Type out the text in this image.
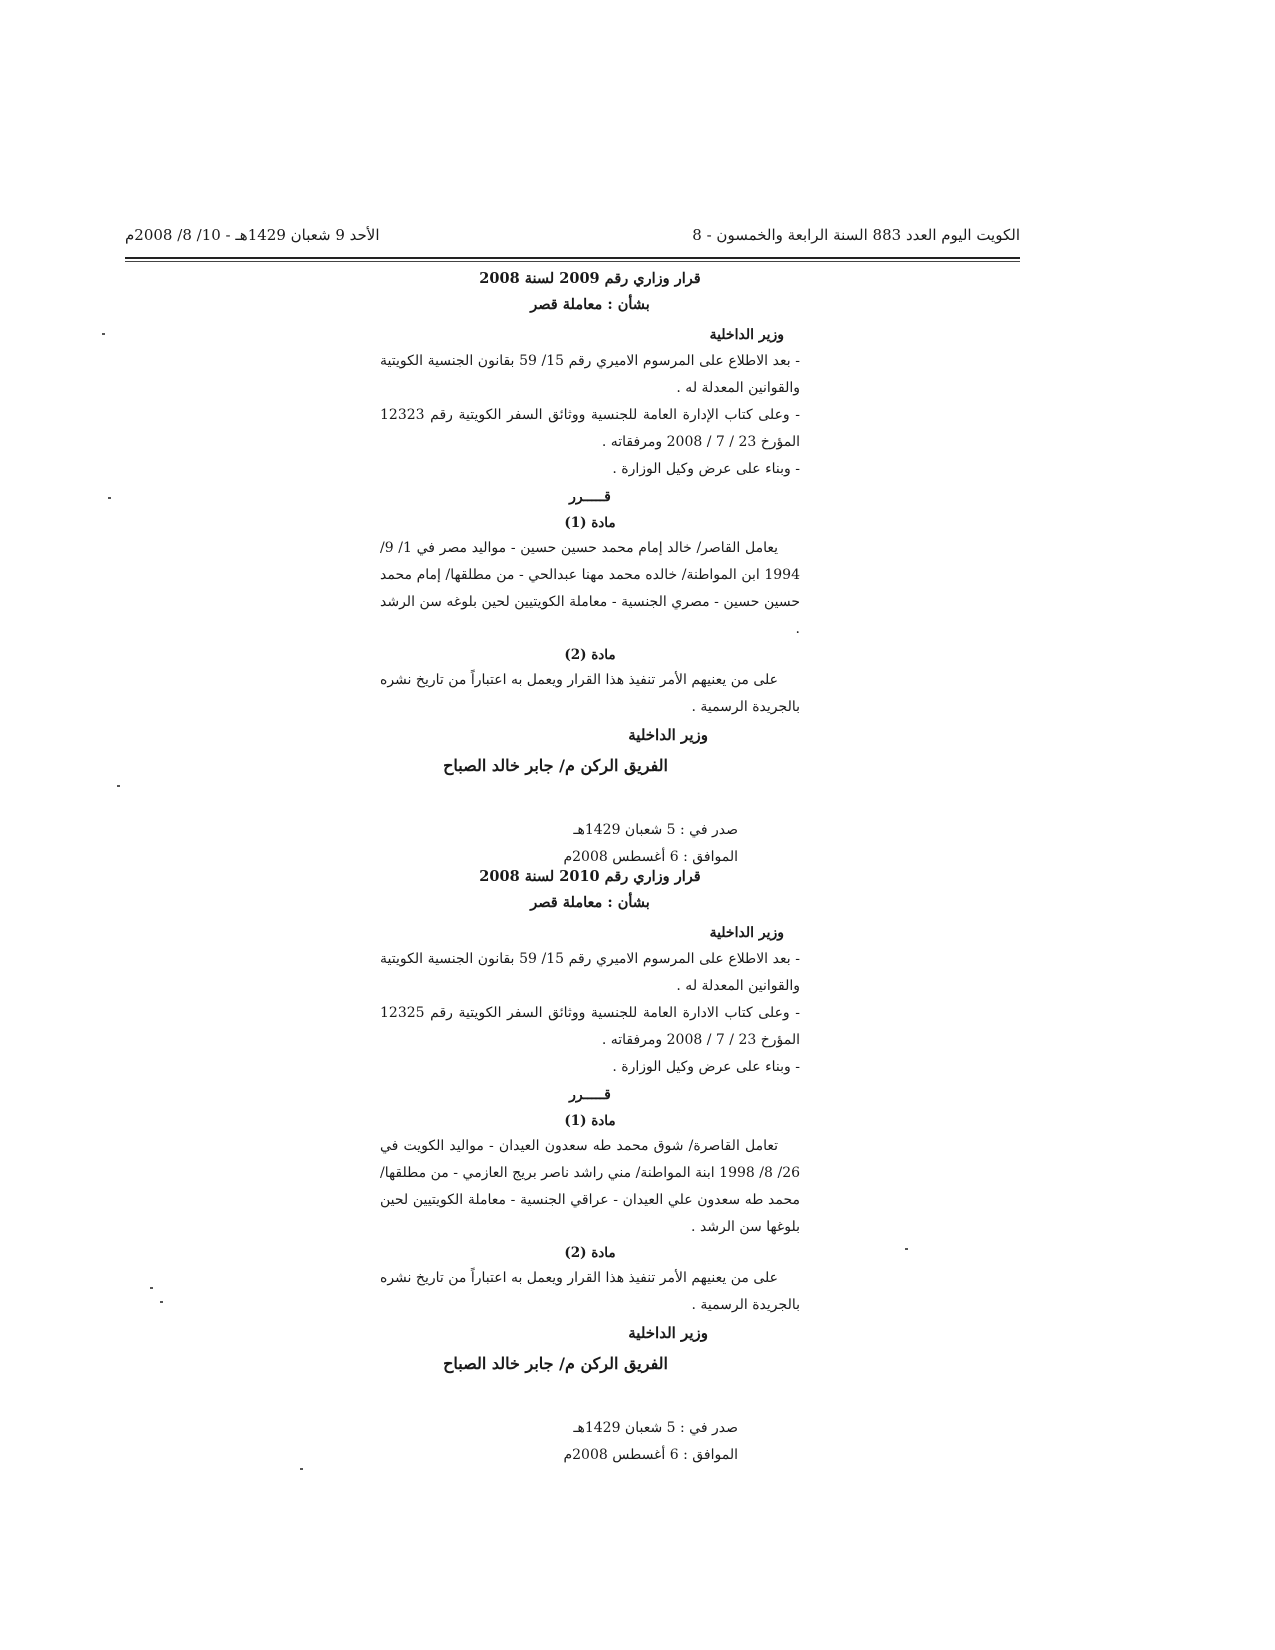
الكويت اليوم العدد 883 السنة الرابعة والخمسون - 8
الأحد 9 شعبان 1429هـ - 10/ 8/ 2008م
قرار وزاري رقم 2009 لسنة 2008
بشأن : معاملة قصر
وزير الداخلية

- بعد الاطلاع على المرسوم الاميري رقم 15/ 59 بقانون الجنسية الكويتية والقوانين المعدلة له .

- وعلى كتاب الإدارة العامة للجنسية ووثائق السفر الكويتية رقم 12323 المؤرخ 23 / 7 / 2008 ومرفقاته .

- وبناء على عرض وكيل الوزارة .

قـــــرر
مادة (1)

يعامل القاصر/ خالد إمام محمد حسين حسين - مواليد مصر في 1/ 9/ 1994 ابن المواطنة/ خالده محمد مهنا عبدالحي - من مطلقها/ إمام محمد حسين حسين - مصري الجنسية - معاملة الكويتيين لحين بلوغه سن الرشد .

مادة (2)

على من يعنيهم الأمر تنفيذ هذا القرار ويعمل به اعتباراً من تاريخ نشره بالجريدة الرسمية .

وزير الداخلية
الفريق الركن م/ جابر خالد الصباح
صدر في : 5 شعبان 1429هـ
الموافق : 6 أغسطس 2008م
قرار وزاري رقم 2010 لسنة 2008
بشأن : معاملة قصر
وزير الداخلية

- بعد الاطلاع على المرسوم الاميري رقم 15/ 59 بقانون الجنسية الكويتية والقوانين المعدلة له .

- وعلى كتاب الادارة العامة للجنسية ووثائق السفر الكويتية رقم 12325 المؤرخ 23 / 7 / 2008 ومرفقاته .

- وبناء على عرض وكيل الوزارة .

قـــــرر
مادة (1)

تعامل القاصرة/ شوق محمد طه سعدون العيدان - مواليد الكويت في 26/ 8/ 1998 ابنة المواطنة/ مني راشد ناصر بريج العازمي - من مطلقها/ محمد طه سعدون علي العيدان - عراقي الجنسية - معاملة الكويتيين لحين بلوغها سن الرشد .

مادة (2)

على من يعنيهم الأمر تنفيذ هذا القرار ويعمل به اعتباراً من تاريخ نشره بالجريدة الرسمية .

وزير الداخلية
الفريق الركن م/ جابر خالد الصباح
صدر في : 5 شعبان 1429هـ
الموافق : 6 أغسطس 2008م
